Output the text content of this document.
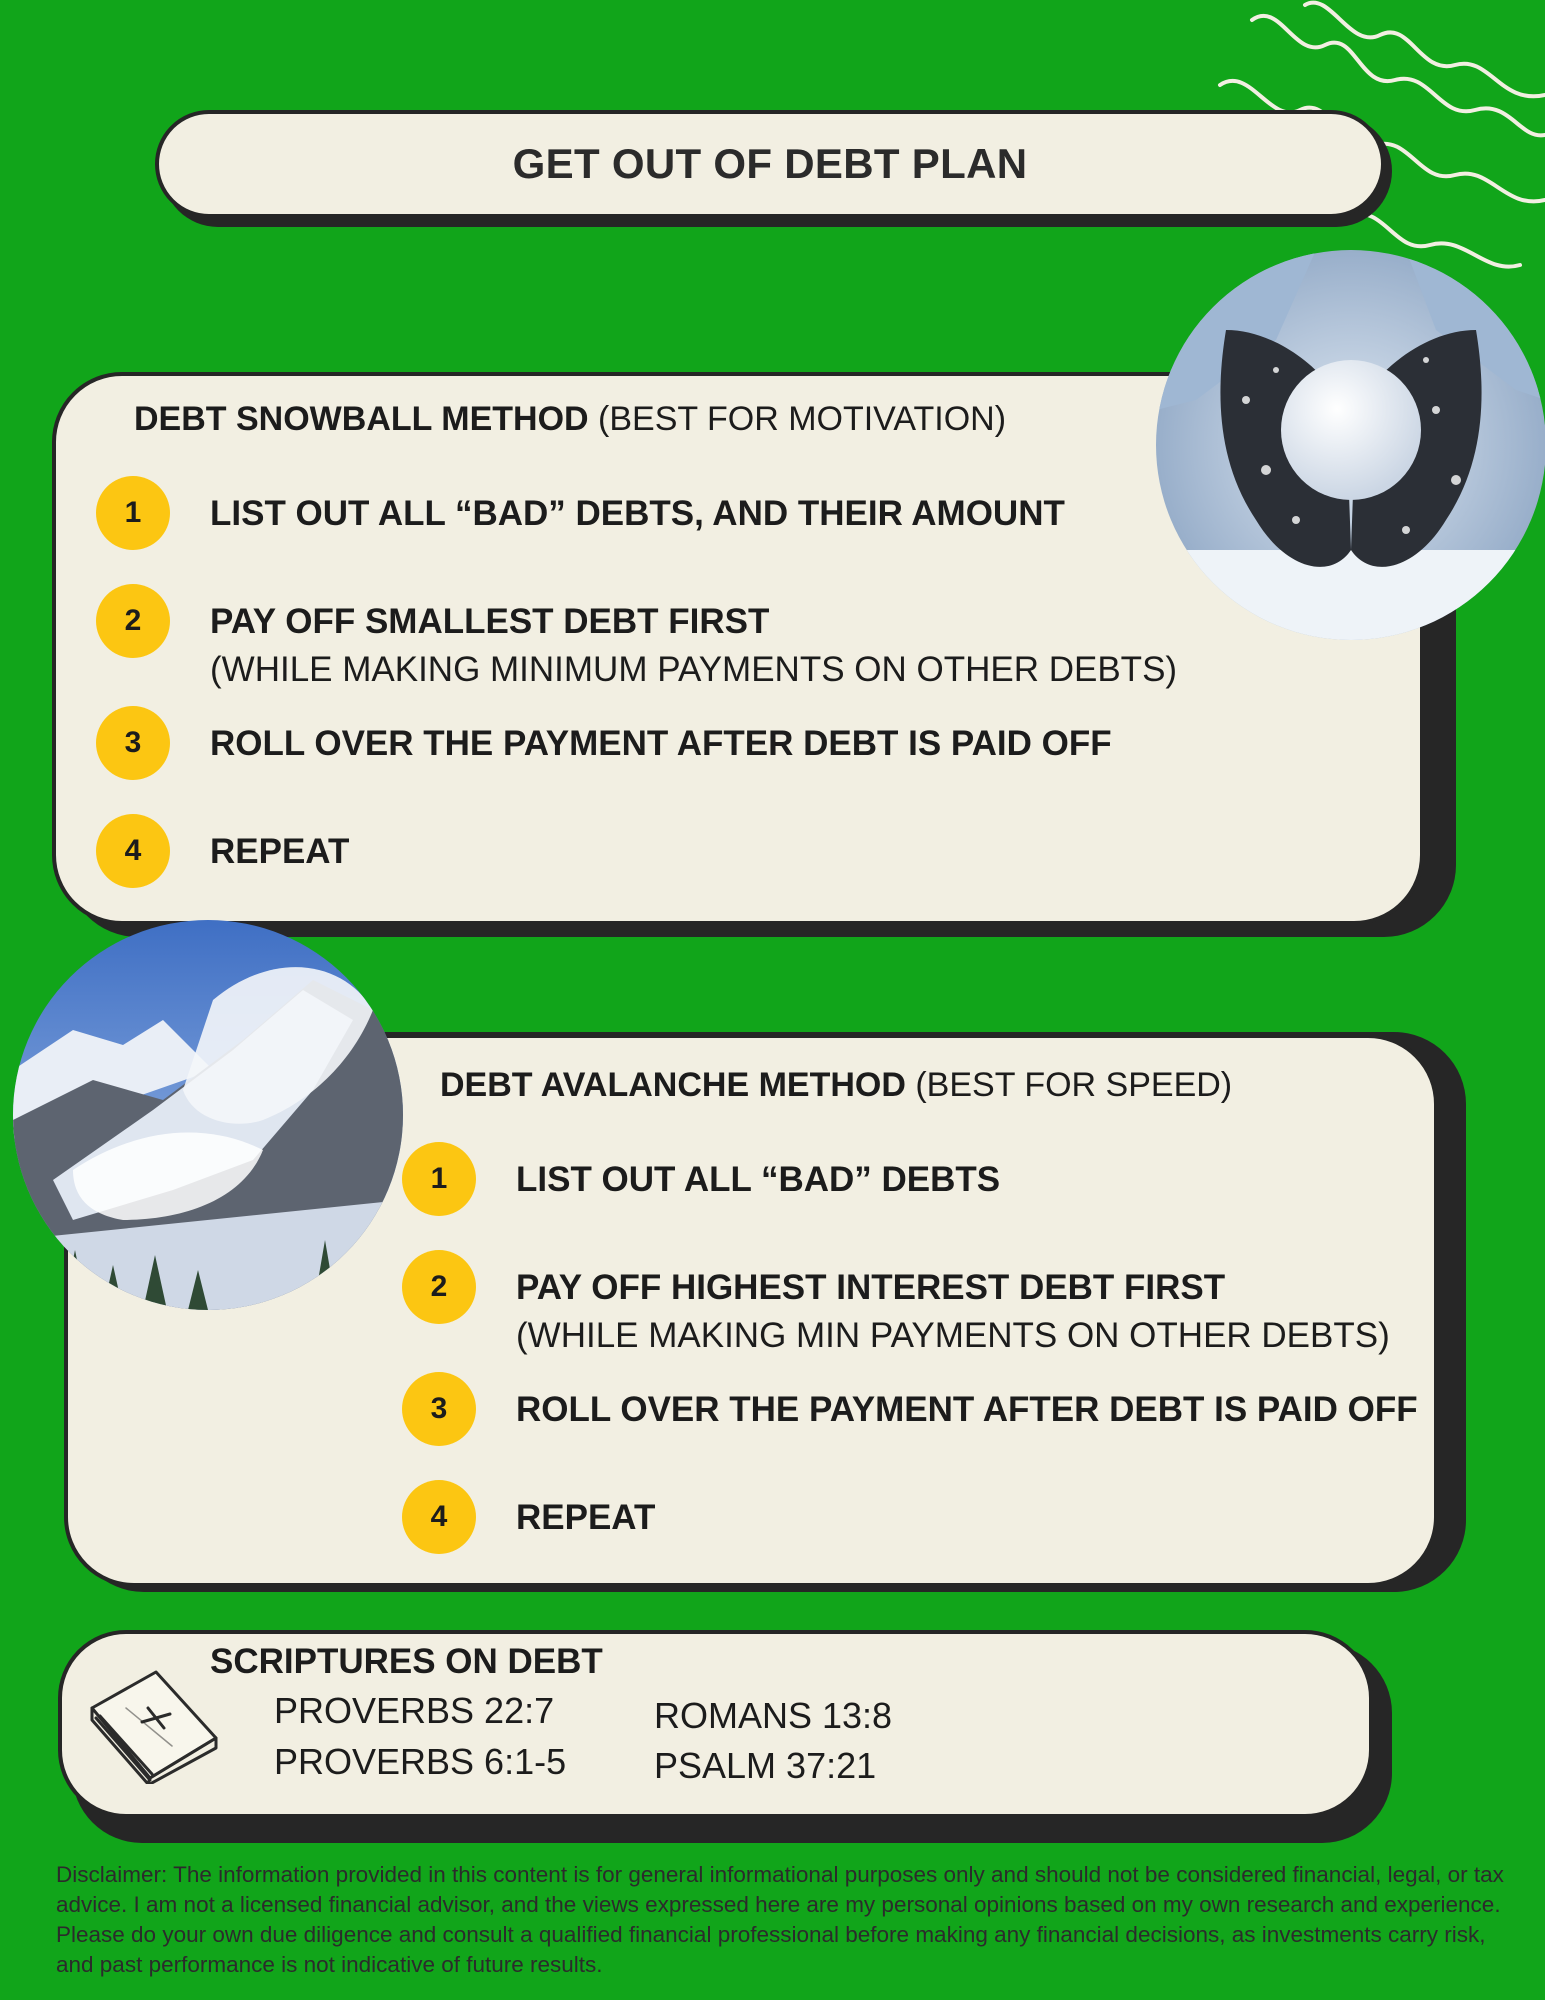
GET OUT OF DEBT PLAN
DEBT SNOWBALL METHOD (BEST FOR MOTIVATION)
1	LIST OUT ALL “BAD” DEBTS, AND THEIR AMOUNT
2	PAY OFF SMALLEST DEBT FIRST
(WHILE MAKING MINIMUM PAYMENTS ON OTHER DEBTS)
3	ROLL OVER THE PAYMENT AFTER DEBT IS PAID OFF
4	REPEAT
DEBT AVALANCHE METHOD (BEST FOR SPEED)
1	LIST OUT ALL “BAD” DEBTS
2	PAY OFF HIGHEST INTEREST DEBT FIRST
(WHILE MAKING MIN PAYMENTS ON OTHER DEBTS)
3	ROLL OVER THE PAYMENT AFTER DEBT IS PAID OFF
4	REPEAT
SCRIPTURES ON DEBT
PROVERBS 22:7
PROVERBS 6:1-5
ROMANS 13:8
PSALM 37:21
Disclaimer: The information provided in this content is for general informational purposes only and should not be considered financial, legal, or tax advice. I am not a licensed financial advisor, and the views expressed here are my personal opinions based on my own research and experience. Please do your own due diligence and consult a qualified financial professional before making any financial decisions, as investments carry risk, and past performance is not indicative of future results.
